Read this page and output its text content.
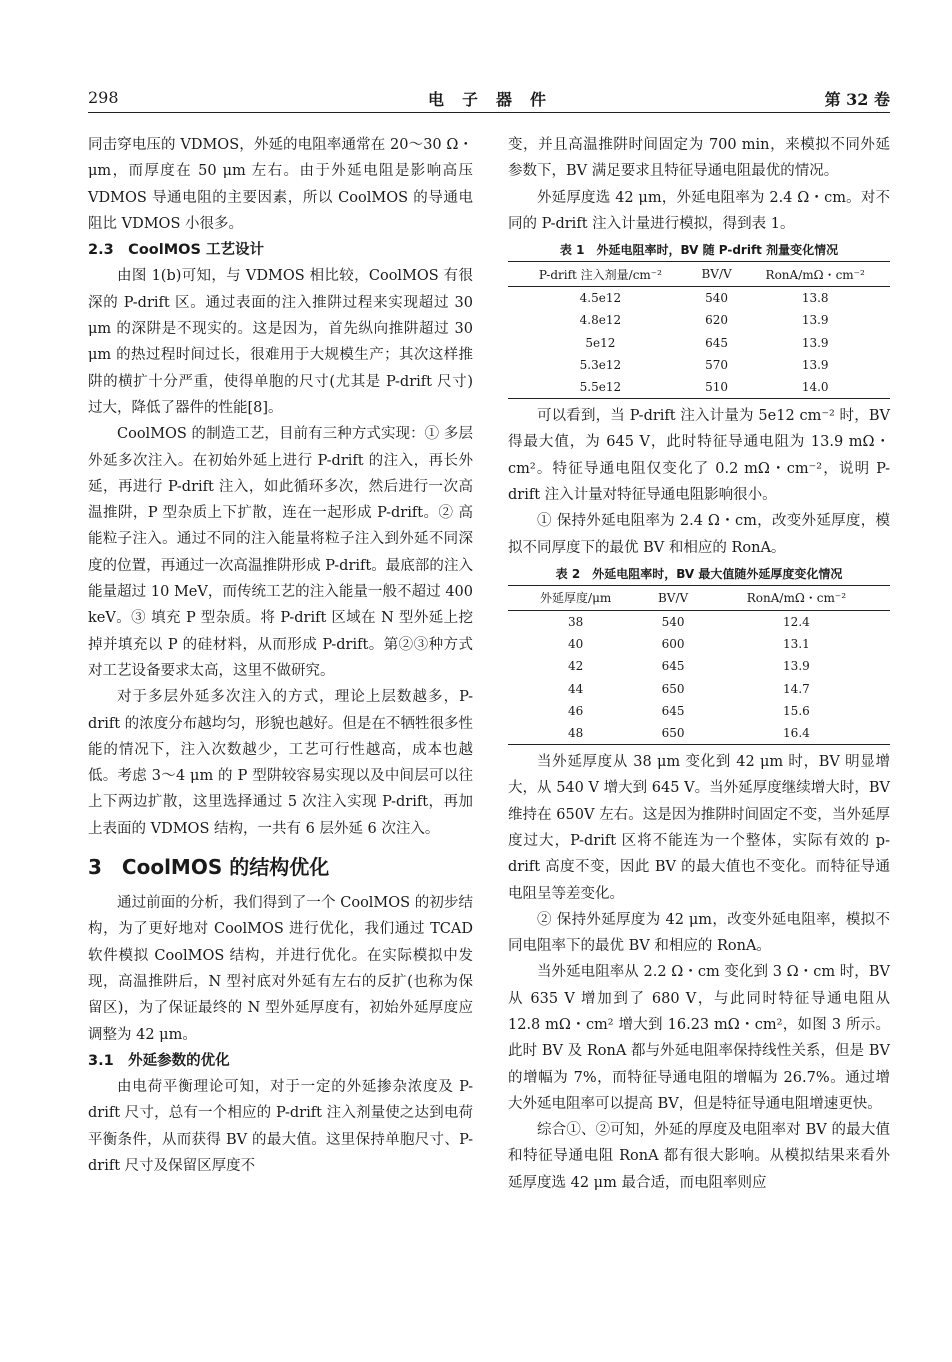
298	电子器件	第 32 卷

同击穿电压的 VDMOS，外延的电阻率通常在 20～30 Ω・μm，而厚度在 50 μm 左右。由于外延电阻是影响高压 VDMOS 导通电阻的主要因素，所以 CoolMOS 的导通电阻比 VDMOS 小很多。

2.3　CoolMOS 工艺设计

由图 1(b)可知，与 VDMOS 相比较，CoolMOS 有很深的 P-drift 区。通过表面的注入推阱过程来实现超过 30 μm 的深阱是不现实的。这是因为，首先纵向推阱超过 30 μm 的热过程时间过长，很难用于大规模生产；其次这样推阱的横扩十分严重，使得单胞的尺寸(尤其是 P-drift 尺寸)过大，降低了器件的性能[8]。

CoolMOS 的制造工艺，目前有三种方式实现：① 多层外延多次注入。在初始外延上进行 P-drift 的注入，再长外延，再进行 P-drift 注入，如此循环多次，然后进行一次高温推阱，P 型杂质上下扩散，连在一起形成 P-drift。② 高能粒子注入。通过不同的注入能量将粒子注入到外延不同深度的位置，再通过一次高温推阱形成 P-drift。最底部的注入能量超过 10 MeV，而传统工艺的注入能量一般不超过 400 keV。③ 填充 P 型杂质。将 P-drift 区域在 N 型外延上挖掉并填充以 P 的硅材料，从而形成 P-drift。第②③种方式对工艺设备要求太高，这里不做研究。

对于多层外延多次注入的方式，理论上层数越多，P-drift 的浓度分布越均匀，形貌也越好。但是在不牺牲很多性能的情况下，注入次数越少，工艺可行性越高，成本也越低。考虑 3～4 μm 的 P 型阱较容易实现以及中间层可以往上下两边扩散，这里选择通过 5 次注入实现 P-drift，再加上表面的 VDMOS 结构，一共有 6 层外延 6 次注入。

3　CoolMOS 的结构优化

通过前面的分析，我们得到了一个 CoolMOS 的初步结构，为了更好地对 CoolMOS 进行优化，我们通过 TCAD 软件模拟 CoolMOS 结构，并进行优化。在实际模拟中发现，高温推阱后，N 型衬底对外延有左右的反扩(也称为保留区)，为了保证最终的 N 型外延厚度有，初始外延厚度应调整为 42 μm。

3.1　外延参数的优化

由电荷平衡理论可知，对于一定的外延掺杂浓度及 P-drift 尺寸，总有一个相应的 P-drift 注入剂量使之达到电荷平衡条件，从而获得 BV 的最大值。这里保持单胞尺寸、P-drift 尺寸及保留区厚度不

变，并且高温推阱时间固定为 700 min，来模拟不同外延参数下，BV 满足要求且特征导通电阻最优的情况。

外延厚度选 42 μm，外延电阻率为 2.4 Ω・cm。对不同的 P-drift 注入计量进行模拟，得到表 1。

表 1　外延电阻率时，BV 随 P-drift 剂量变化情况
P-drift 注入剂量/cm⁻²	BV/V	RonA/mΩ・cm⁻²
4.5e12	540	13.8
4.8e12	620	13.9
5e12	645	13.9
5.3e12	570	13.9
5.5e12	510	14.0

可以看到，当 P-drift 注入计量为 5e12 cm⁻² 时，BV 得最大值，为 645 V，此时特征导通电阻为 13.9 mΩ・cm²。特征导通电阻仅变化了 0.2 mΩ・cm⁻²，说明 P-drift 注入计量对特征导通电阻影响很小。

① 保持外延电阻率为 2.4 Ω・cm，改变外延厚度，模拟不同厚度下的最优 BV 和相应的 RonA。

表 2　外延电阻率时，BV 最大值随外延厚度变化情况
外延厚度/μm	BV/V	RonA/mΩ・cm⁻²
38	540	12.4
40	600	13.1
42	645	13.9
44	650	14.7
46	645	15.6
48	650	16.4

当外延厚度从 38 μm 变化到 42 μm 时，BV 明显增大，从 540 V 增大到 645 V。当外延厚度继续增大时，BV 维持在 650V 左右。这是因为推阱时间固定不变，当外延厚度过大，P-drift 区将不能连为一个整体，实际有效的 p-drift 高度不变，因此 BV 的最大值也不变化。而特征导通电阻呈等差变化。

② 保持外延厚度为 42 μm，改变外延电阻率，模拟不同电阻率下的最优 BV 和相应的 RonA。

当外延电阻率从 2.2 Ω・cm 变化到 3 Ω・cm 时，BV 从 635 V 增加到了 680 V，与此同时特征导通电阻从 12.8 mΩ・cm² 增大到 16.23 mΩ・cm²，如图 3 所示。此时 BV 及 RonA 都与外延电阻率保持线性关系，但是 BV 的增幅为 7%，而特征导通电阻的增幅为 26.7%。通过增大外延电阻率可以提高 BV，但是特征导通电阻增速更快。

综合①、②可知，外延的厚度及电阻率对 BV 的最大值和特征导通电阻 RonA 都有很大影响。从模拟结果来看外延厚度选 42 μm 最合适，而电阻率则应
